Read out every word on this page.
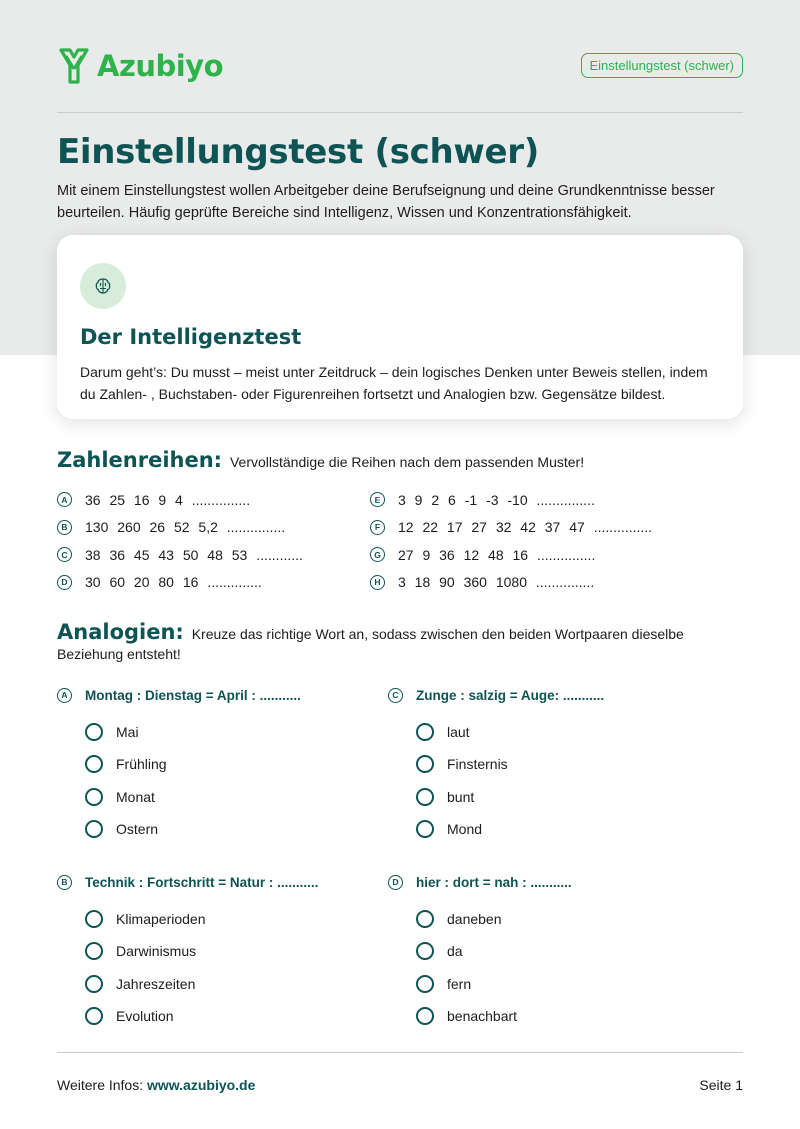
Azubiyo	Einstellungstest (schwer)
Einstellungstest (schwer)

Mit einem Einstellungstest wollen Arbeitgeber deine Berufseignung und deine Grundkenntnisse besser beurteilen. Häufig geprüfte Bereiche sind Intelligenz, Wissen und Konzentrationsfähigkeit.

Der Intelligenztest

Darum geht’s: Du musst – meist unter Zeitdruck – dein logisches Denken unter Beweis stellen, indem du Zahlen- , Buchstaben- oder Figurenreihen fortsetzt und Analogien bzw. Gegensätze bildest.

Zahlenreihen: Vervollständige die Reihen nach dem passenden Muster!
A	36 25 16 9 4 ...............
B	130 260 26 52 5,2 ...............
C	38 36 45 43 50 48 53 ............
D	30 60 20 80 16 ..............
E	3 9 2 6 -1 -3 -10 ...............
F	12 22 17 27 32 42 37 47 ...............
G 27 9 36 12 48 16 ...............
H	3 18 90 360 1080 ...............
Analogien: Kreuze das richtige Wort an, sodass zwischen den beiden Wortpaaren dieselbe Beziehung entsteht!
A	Montag : Dienstag = April : ...........
Mai
Frühling
Monat
Ostern
C	Zunge : salzig = Auge: ...........
laut
Finsternis
bunt
Mond
B	Technik : Fortschritt = Natur : ...........
Klimaperioden
Darwinismus
Jahreszeiten
Evolution
D	hier : dort = nah : ...........
daneben
da
fern
benachbart
Weitere Infos: www.azubiyo.de	Seite 1
